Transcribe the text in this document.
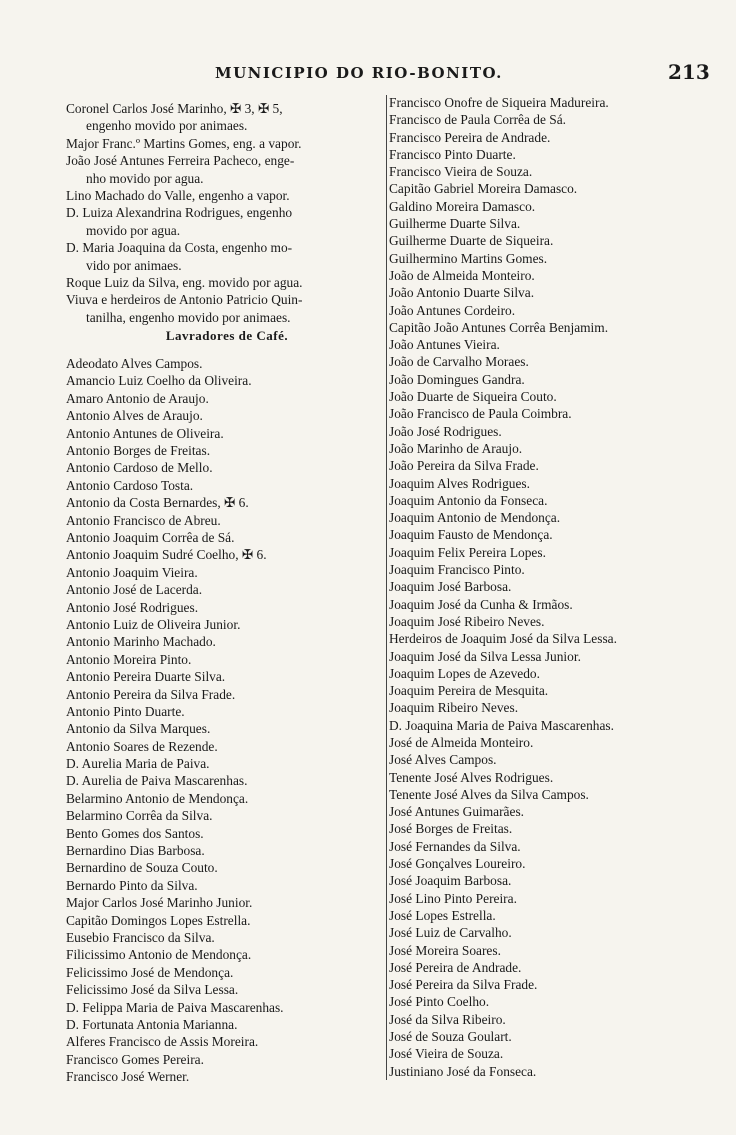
MUNICIPIO DO RIO-BONITO.	213
Coronel Carlos José Marinho, ✠ 3, ✠ 5,
engenho movido por animaes.
Major Franc.º Martins Gomes, eng. a vapor.
João José Antunes Ferreira Pacheco, enge-
nho movido por agua.
Lino Machado do Valle, engenho a vapor.
D. Luiza Alexandrina Rodrigues, engenho
movido por agua.
D. Maria Joaquina da Costa, engenho mo-
vido por animaes.
Roque Luiz da Silva, eng. movido por agua.
Viuva e herdeiros de Antonio Patricio Quin-
tanilha, engenho movido por animaes.
Lavradores de Café.
Adeodato Alves Campos.
Amancio Luiz Coelho da Oliveira.
Amaro Antonio de Araujo.
Antonio Alves de Araujo.
Antonio Antunes de Oliveira.
Antonio Borges de Freitas.
Antonio Cardoso de Mello.
Antonio Cardoso Tosta.
Antonio da Costa Bernardes, ✠ 6.
Antonio Francisco de Abreu.
Antonio Joaquim Corrêa de Sá.
Antonio Joaquim Sudré Coelho, ✠ 6.
Antonio Joaquim Vieira.
Antonio José de Lacerda.
Antonio José Rodrigues.
Antonio Luiz de Oliveira Junior.
Antonio Marinho Machado.
Antonio Moreira Pinto.
Antonio Pereira Duarte Silva.
Antonio Pereira da Silva Frade.
Antonio Pinto Duarte.
Antonio da Silva Marques.
Antonio Soares de Rezende.
D. Aurelia Maria de Paiva.
D. Aurelia de Paiva Mascarenhas.
Belarmino Antonio de Mendonça.
Belarmino Corrêa da Silva.
Bento Gomes dos Santos.
Bernardino Dias Barbosa.
Bernardino de Souza Couto.
Bernardo Pinto da Silva.
Major Carlos José Marinho Junior.
Capitão Domingos Lopes Estrella.
Eusebio Francisco da Silva.
Filicissimo Antonio de Mendonça.
Felicissimo José de Mendonça.
Felicissimo José da Silva Lessa.
D. Felippa Maria de Paiva Mascarenhas.
D. Fortunata Antonia Marianna.
Alferes Francisco de Assis Moreira.
Francisco Gomes Pereira.
Francisco José Werner.
Francisco Onofre de Siqueira Madureira.
Francisco de Paula Corrêa de Sá.
Francisco Pereira de Andrade.
Francisco Pinto Duarte.
Francisco Vieira de Souza.
Capitão Gabriel Moreira Damasco.
Galdino Moreira Damasco.
Guilherme Duarte Silva.
Guilherme Duarte de Siqueira.
Guilhermino Martins Gomes.
João de Almeida Monteiro.
João Antonio Duarte Silva.
João Antunes Cordeiro.
Capitão João Antunes Corrêa Benjamim.
João Antunes Vieira.
João de Carvalho Moraes.
João Domingues Gandra.
João Duarte de Siqueira Couto.
João Francisco de Paula Coimbra.
João José Rodrigues.
João Marinho de Araujo.
João Pereira da Silva Frade.
Joaquim Alves Rodrigues.
Joaquim Antonio da Fonseca.
Joaquim Antonio de Mendonça.
Joaquim Fausto de Mendonça.
Joaquim Felix Pereira Lopes.
Joaquim Francisco Pinto.
Joaquim José Barbosa.
Joaquim José da Cunha & Irmãos.
Joaquim José Ribeiro Neves.
Herdeiros de Joaquim José da Silva Lessa.
Joaquim José da Silva Lessa Junior.
Joaquim Lopes de Azevedo.
Joaquim Pereira de Mesquita.
Joaquim Ribeiro Neves.
D. Joaquina Maria de Paiva Mascarenhas.
José de Almeida Monteiro.
José Alves Campos.
Tenente José Alves Rodrigues.
Tenente José Alves da Silva Campos.
José Antunes Guimarães.
José Borges de Freitas.
José Fernandes da Silva.
José Gonçalves Loureiro.
José Joaquim Barbosa.
José Lino Pinto Pereira.
José Lopes Estrella.
José Luiz de Carvalho.
José Moreira Soares.
José Pereira de Andrade.
José Pereira da Silva Frade.
José Pinto Coelho.
José da Silva Ribeiro.
José de Souza Goulart.
José Vieira de Souza.
Justiniano José da Fonseca.
